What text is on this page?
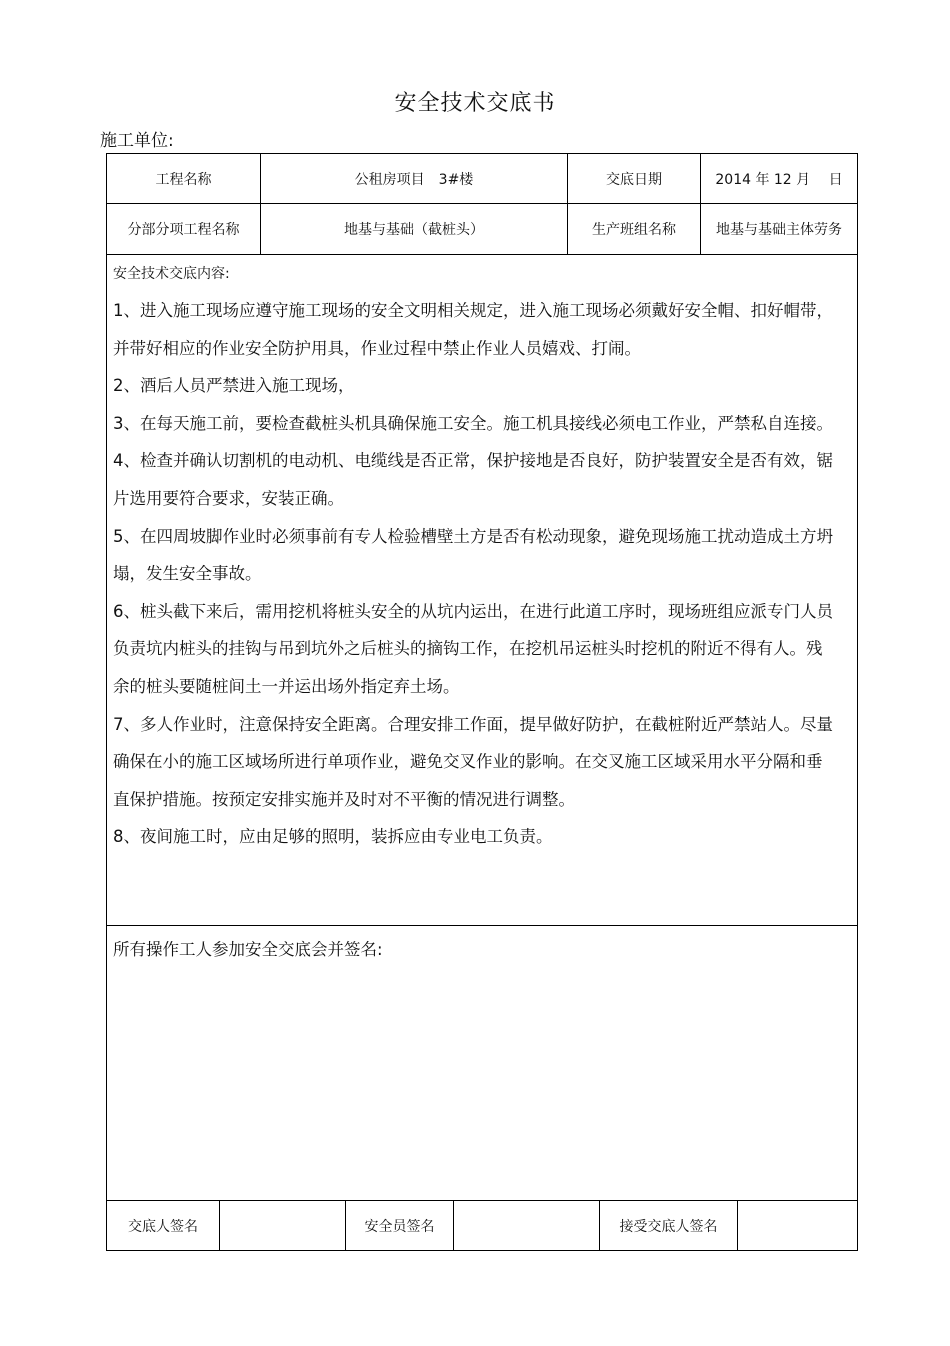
安全技术交底书
施工单位:
工程名称	公租房项目　3#楼	交底日期	2014 年 12 月　 日
分部分项工程名称	地基与基础（截桩头）	生产班组名称	地基与基础主体劳务
安全技术交底内容:

1、进入施工现场应遵守施工现场的安全文明相关规定，进入施工现场必须戴好安全帽、扣好帽带，并带好相应的作业安全防护用具，作业过程中禁止作业人员嬉戏、打闹。

2、酒后人员严禁进入施工现场，

3、在每天施工前，要检查截桩头机具确保施工安全。施工机具接线必须电工作业，严禁私自连接。

4、检查并确认切割机的电动机、电缆线是否正常，保护接地是否良好，防护装置安全是否有效，锯片选用要符合要求，安装正确。

5、在四周坡脚作业时必须事前有专人检验槽壁土方是否有松动现象，避免现场施工扰动造成土方坍塌，发生安全事故。

6、桩头截下来后，需用挖机将桩头安全的从坑内运出，在进行此道工序时，现场班组应派专门人员负责坑内桩头的挂钩与吊到坑外之后桩头的摘钩工作，在挖机吊运桩头时挖机的附近不得有人。残余的桩头要随桩间土一并运出场外指定弃土场。

7、多人作业时，注意保持安全距离。合理安排工作面，提早做好防护，在截桩附近严禁站人。尽量确保在小的施工区域场所进行单项作业，避免交叉作业的影响。在交叉施工区域采用水平分隔和垂直保护措施。按预定安排实施并及时对不平衡的情况进行调整。

8、夜间施工时，应由足够的照明，装拆应由专业电工负责。

所有操作工人参加安全交底会并签名:
交底人签名	安全员签名	接受交底人签名
